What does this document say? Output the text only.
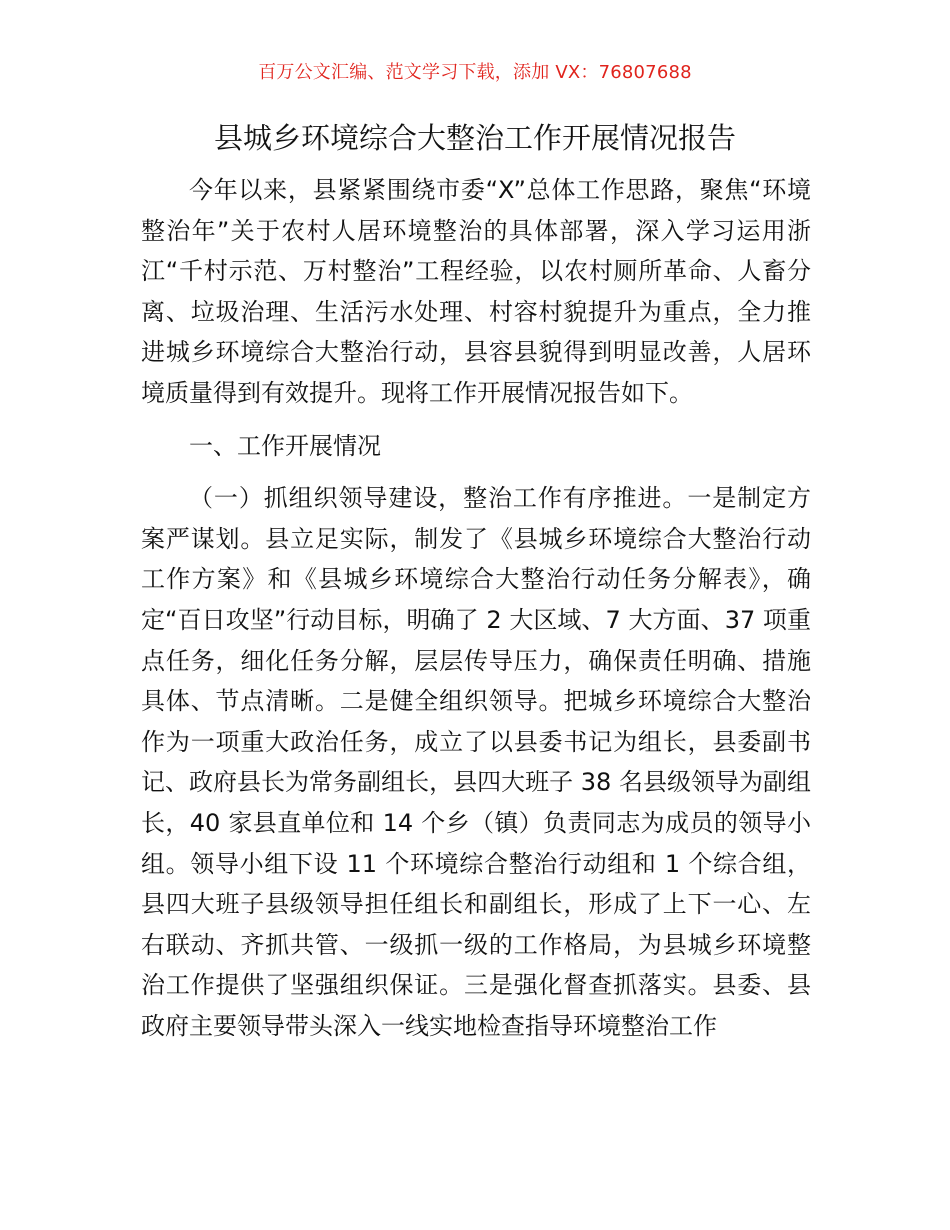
百万公文汇编、范文学习下载，添加 VX：76807688
县城乡环境综合大整治工作开展情况报告

今年以来，县紧紧围绕市委“X”总体工作思路，聚焦“环境整治年”关于农村人居环境整治的具体部署，深入学习运用浙江“千村示范、万村整治”工程经验，以农村厕所革命、人畜分离、垃圾治理、生活污水处理、村容村貌提升为重点，全力推进城乡环境综合大整治行动，县容县貌得到明显改善，人居环境质量得到有效提升。现将工作开展情况报告如下。

一、工作开展情况

（一）抓组织领导建设，整治工作有序推进。一是制定方案严谋划。县立足实际，制发了《县城乡环境综合大整治行动工作方案》和《县城乡环境综合大整治行动任务分解表》，确定“百日攻坚”行动目标，明确了 2 大区域、7 大方面、37 项重点任务，细化任务分解，层层传导压力，确保责任明确、措施具体、节点清晰。二是健全组织领导。把城乡环境综合大整治作为一项重大政治任务，成立了以县委书记为组长，县委副书记、政府县长为常务副组长，县四大班子 38 名县级领导为副组长，40 家县直单位和 14 个乡（镇）负责同志为成员的领导小组。领导小组下设 11 个环境综合整治行动组和 1 个综合组，县四大班子县级领导担任组长和副组长，形成了上下一心、左右联动、齐抓共管、一级抓一级的工作格局，为县城乡环境整治工作提供了坚强组织保证。三是强化督查抓落实。县委、县政府主要领导带头深入一线实地检查指导环境整治工作
